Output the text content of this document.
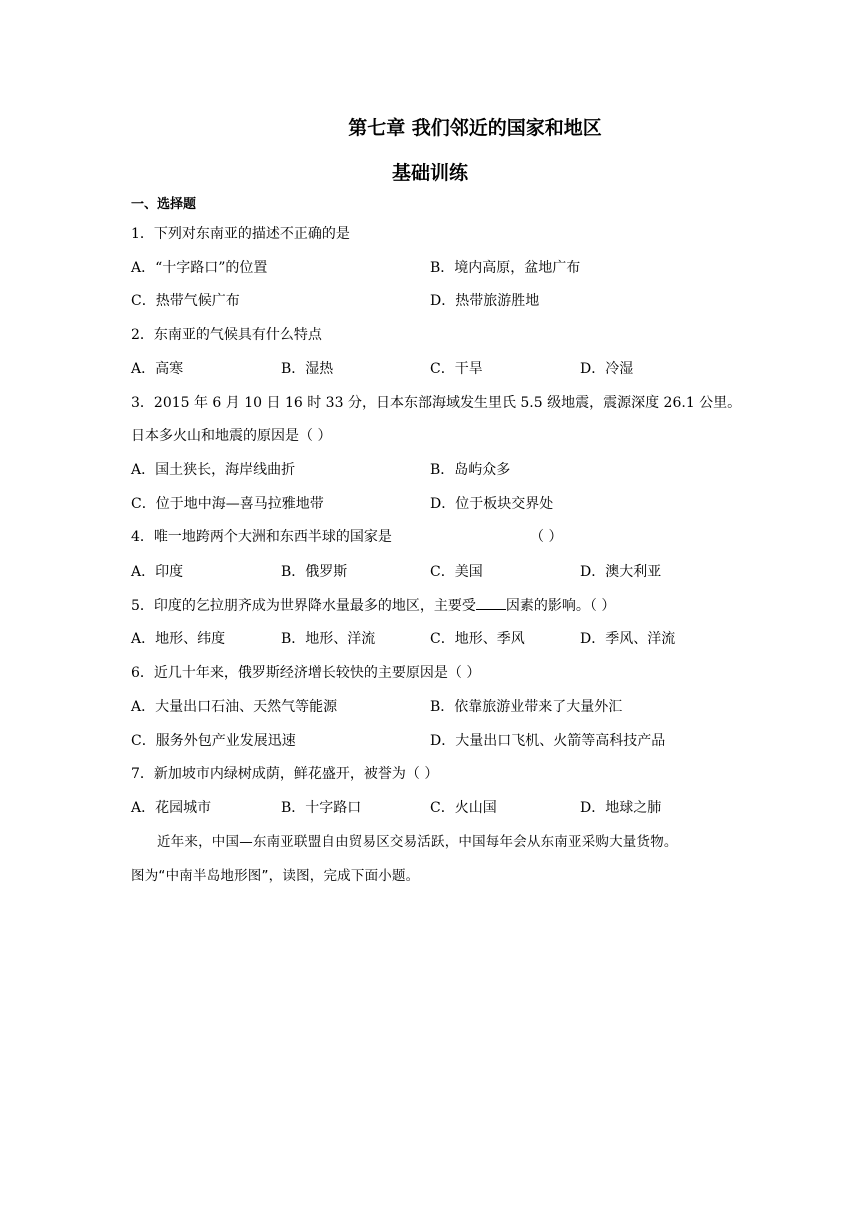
第七章 我们邻近的国家和地区
基础训练
一、选择题
1．下列对东南亚的描述不正确的是
A．“十字路口”的位置	B．境内高原，盆地广布
C．热带气候广布	D．热带旅游胜地
2．东南亚的气候具有什么特点
A．高寒	B．湿热	C．干旱	D．冷湿
3．2015 年 6 月 10 日 16 时 33 分，日本东部海域发生里氏 5.5 级地震，震源深度 26.1 公里。
日本多火山和地震的原因是（ ）
A．国土狭长，海岸线曲折	B．岛屿众多
C．位于地中海—喜马拉雅地带	D．位于板块交界处
4．唯一地跨两个大洲和东西半球的国家是	（ ）
A．印度	B．俄罗斯	C．美国	D．澳大利亚
5．印度的乞拉朋齐成为世界降水量最多的地区，主要受 因素的影响。（ ）
A．地形、纬度	B．地形、洋流	C．地形、季风	D．季风、洋流
6．近几十年来，俄罗斯经济增长较快的主要原因是（ ）
A．大量出口石油、天然气等能源	B．依靠旅游业带来了大量外汇
C．服务外包产业发展迅速	D．大量出口飞机、火箭等高科技产品
7．新加坡市内绿树成荫，鲜花盛开，被誉为（ ）
A．花园城市	B．十字路口	C．火山国	D．地球之肺
近年来，中国—东南亚联盟自由贸易区交易活跃，中国每年会从东南亚采购大量货物。
图为“中南半岛地形图”，读图，完成下面小题。
